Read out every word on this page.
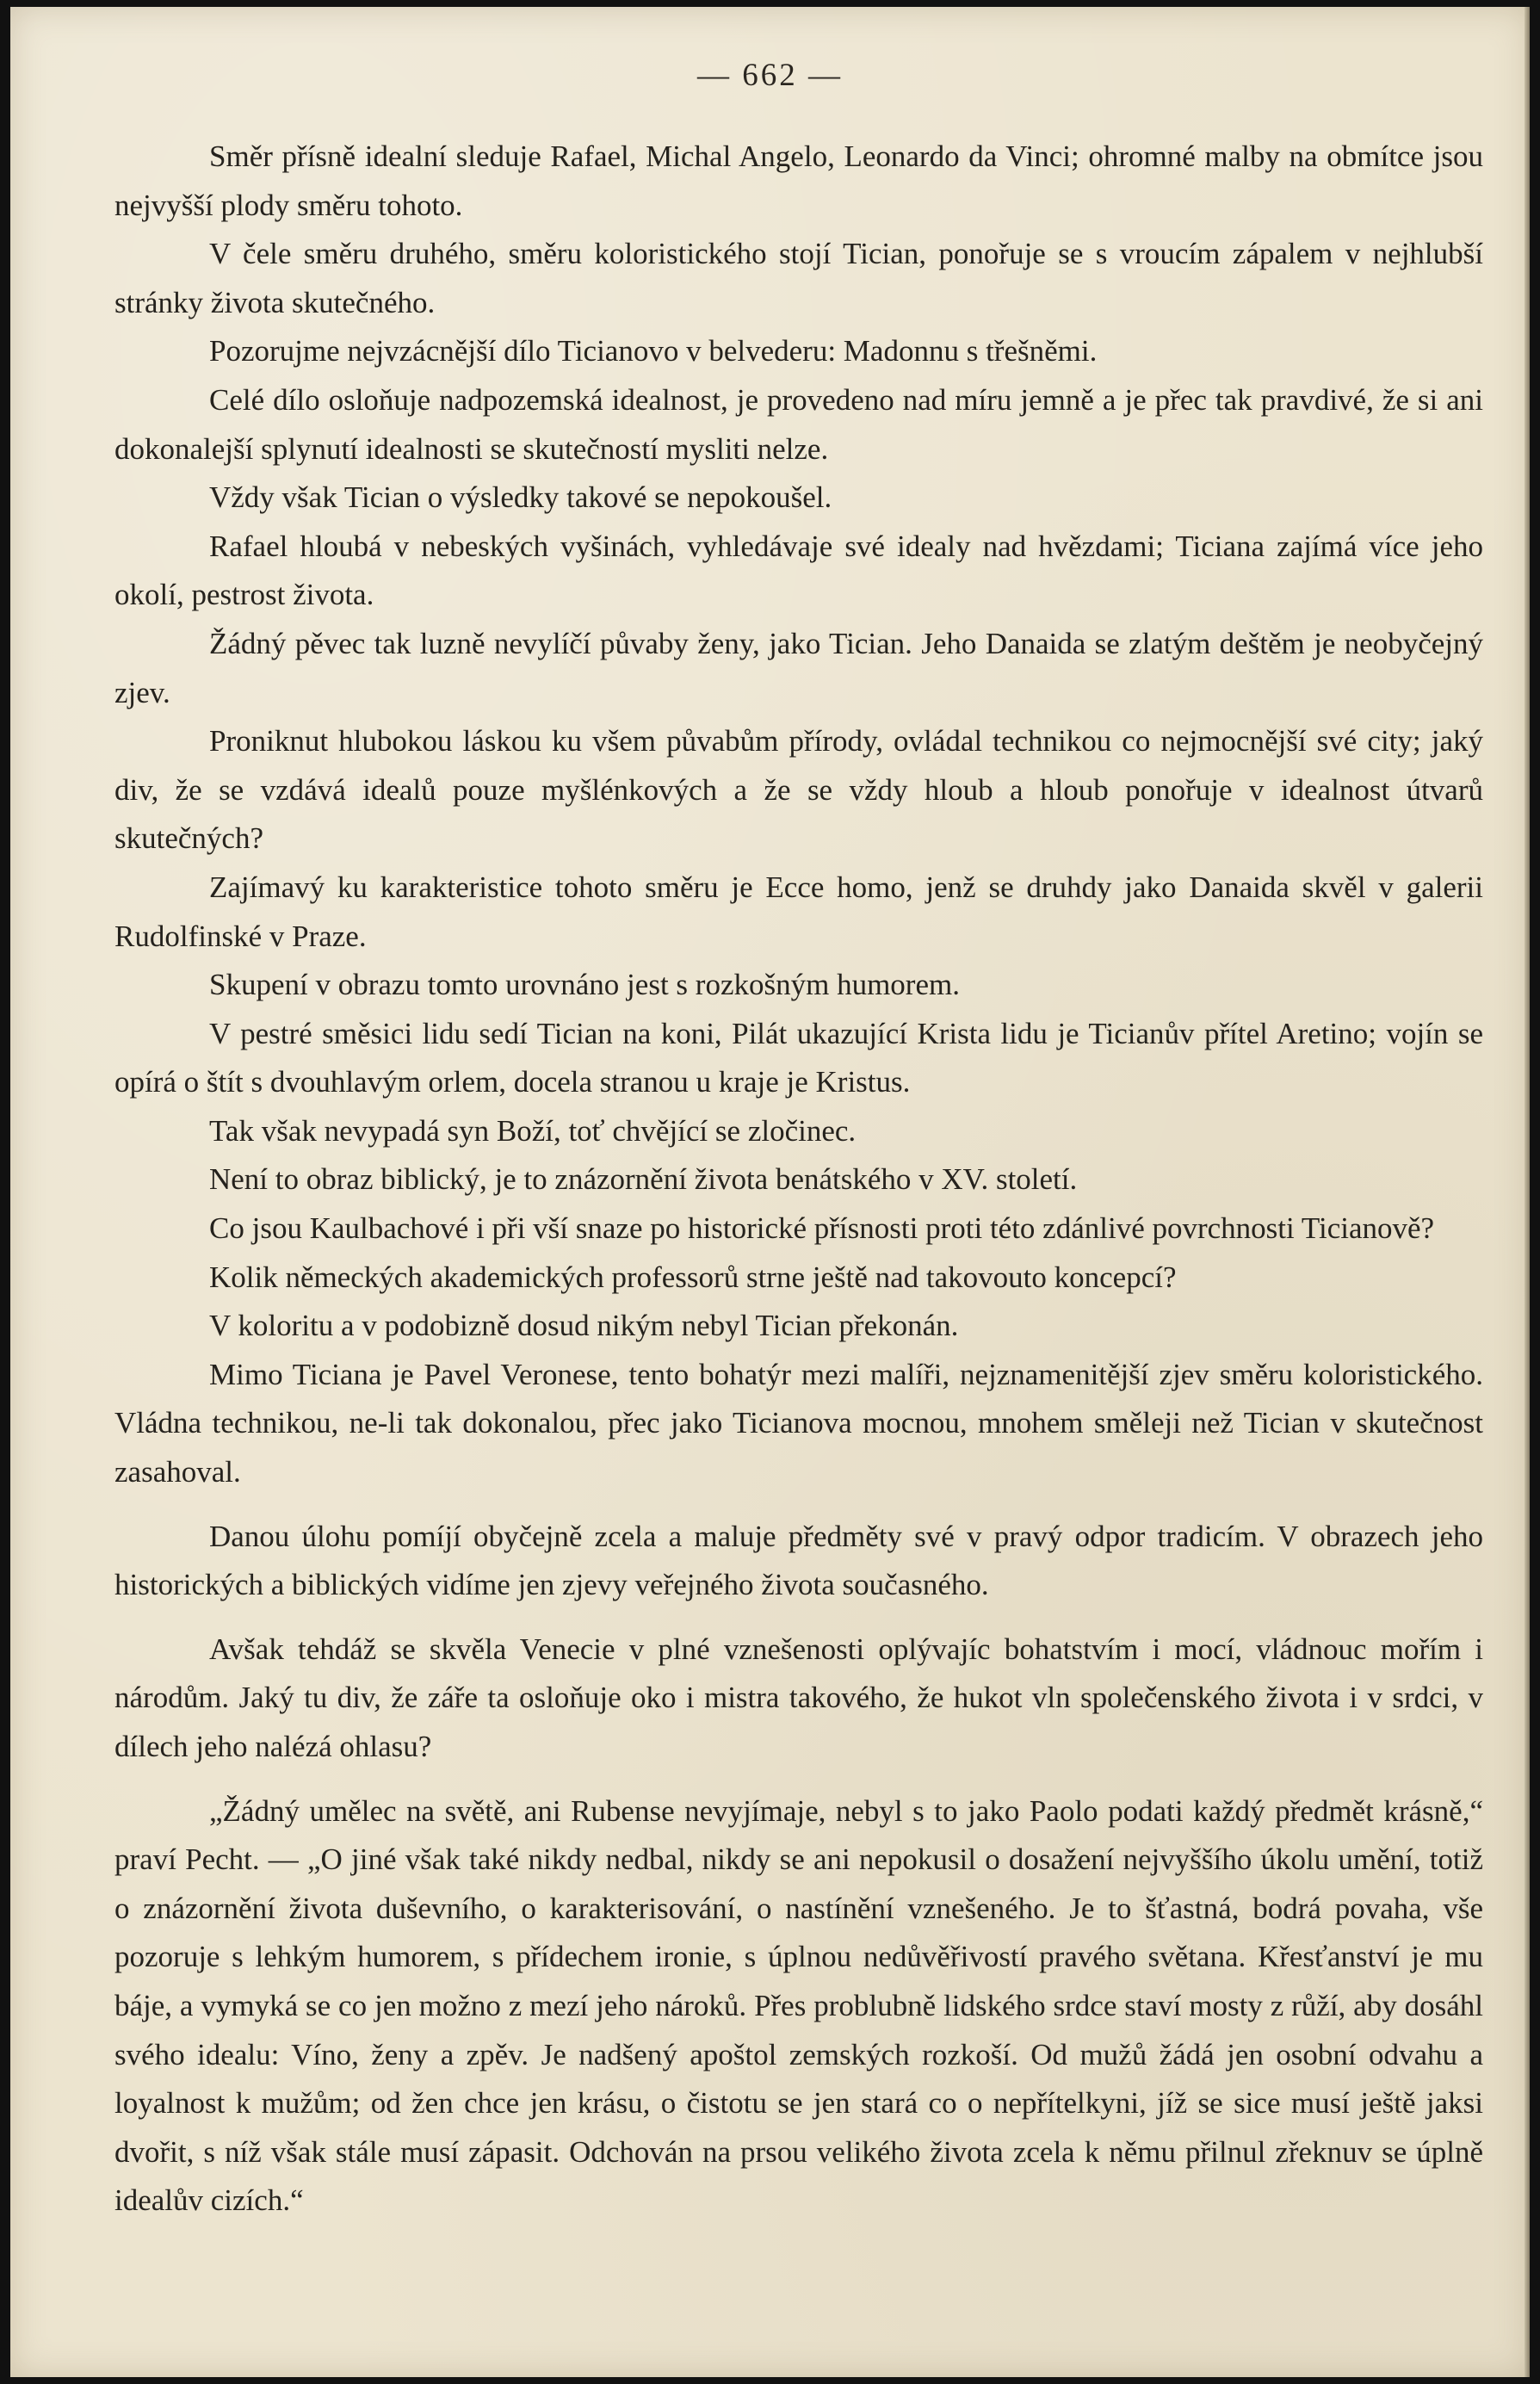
— 662 —

Směr přísně idealní sleduje Rafael, Michal Angelo, Leonardo da Vinci; ohromné malby na obmítce jsou nejvyšší plody směru tohoto.

V čele směru druhého, směru koloristického stojí Tician, ponořuje se s vroucím zápalem v nejhlubší stránky života skutečného.

Pozorujme nejvzácnější dílo Ticianovo v belvederu: Madonnu s třešněmi.

Celé dílo osloňuje nadpozemská idealnost, je provedeno nad míru jemně a je přec tak pravdivé, že si ani dokonalejší splynutí idealnosti se skutečností mysliti nelze.

Vždy však Tician o výsledky takové se nepokoušel.

Rafael hloubá v nebeských vyšinách, vyhledávaje své idealy nad hvězdami; Ticiana zajímá více jeho okolí, pestrost života.

Žádný pěvec tak luzně nevylíčí půvaby ženy, jako Tician. Jeho Danaida se zlatým deštěm je neobyčejný zjev.

Proniknut hlubokou láskou ku všem půvabům přírody, ovládal technikou co nejmocnější své city; jaký div, že se vzdává idealů pouze myšlénkových a že se vždy hloub a hloub ponořuje v idealnost útvarů skutečných?

Zajímavý ku karakteristice tohoto směru je Ecce homo, jenž se druhdy jako Danaida skvěl v galerii Rudolfinské v Praze.

Skupení v obrazu tomto urovnáno jest s rozkošným humorem.

V pestré směsici lidu sedí Tician na koni, Pilát ukazující Krista lidu je Ticianův přítel Aretino; vojín se opírá o štít s dvouhlavým orlem, docela stranou u kraje je Kristus.

Tak však nevypadá syn Boží, toť chvějící se zločinec.

Není to obraz biblický, je to znázornění života benátského v XV. století.

Co jsou Kaulbachové i při vší snaze po historické přísnosti proti této zdánlivé povrchnosti Ticianově?

Kolik německých akademických professorů strne ještě nad takovouto koncepcí?

V koloritu a v podobizně dosud nikým nebyl Tician překonán.

Mimo Ticiana je Pavel Veronese, tento bohatýr mezi malíři, nejznamenitější zjev směru koloristického. Vládna technikou, ne-li tak dokonalou, přec jako Ticianova mocnou, mnohem směleji než Tician v skutečnost zasahoval.

Danou úlohu pomíjí obyčejně zcela a maluje předměty své v pravý odpor tradicím. V obrazech jeho historických a biblických vidíme jen zjevy veřejného života současného.

Avšak tehdáž se skvěla Venecie v plné vznešenosti oplývajíc bohatstvím i mocí, vládnouc mořím i národům. Jaký tu div, že záře ta osloňuje oko i mistra takového, že hukot vln společenského života i v srdci, v dílech jeho nalézá ohlasu?

„Žádný umělec na světě, ani Rubense nevyjímaje, nebyl s to jako Paolo podati každý předmět krásně,“ praví Pecht. — „O jiné však také nikdy nedbal, nikdy se ani nepokusil o dosažení nejvyššího úkolu umění, totiž o znázornění života duševního, o karakterisování, o nastínění vznešeného. Je to šťastná, bodrá povaha, vše pozoruje s lehkým humorem, s přídechem ironie, s úplnou nedůvěřivostí pravého světana. Křesťanství je mu báje, a vymyká se co jen možno z mezí jeho nároků. Přes problubně lidského srdce staví mosty z růží, aby dosáhl svého idealu: Víno, ženy a zpěv. Je nadšený apoštol zemských rozkoší. Od mužů žádá jen osobní odvahu a loyalnost k mužům; od žen chce jen krásu, o čistotu se jen stará co o nepřítelkyni, jíž se sice musí ještě jaksi dvořit, s níž však stále musí zápasit. Odchován na prsou velikého života zcela k němu přilnul zřeknuv se úplně idealův cizích.“
